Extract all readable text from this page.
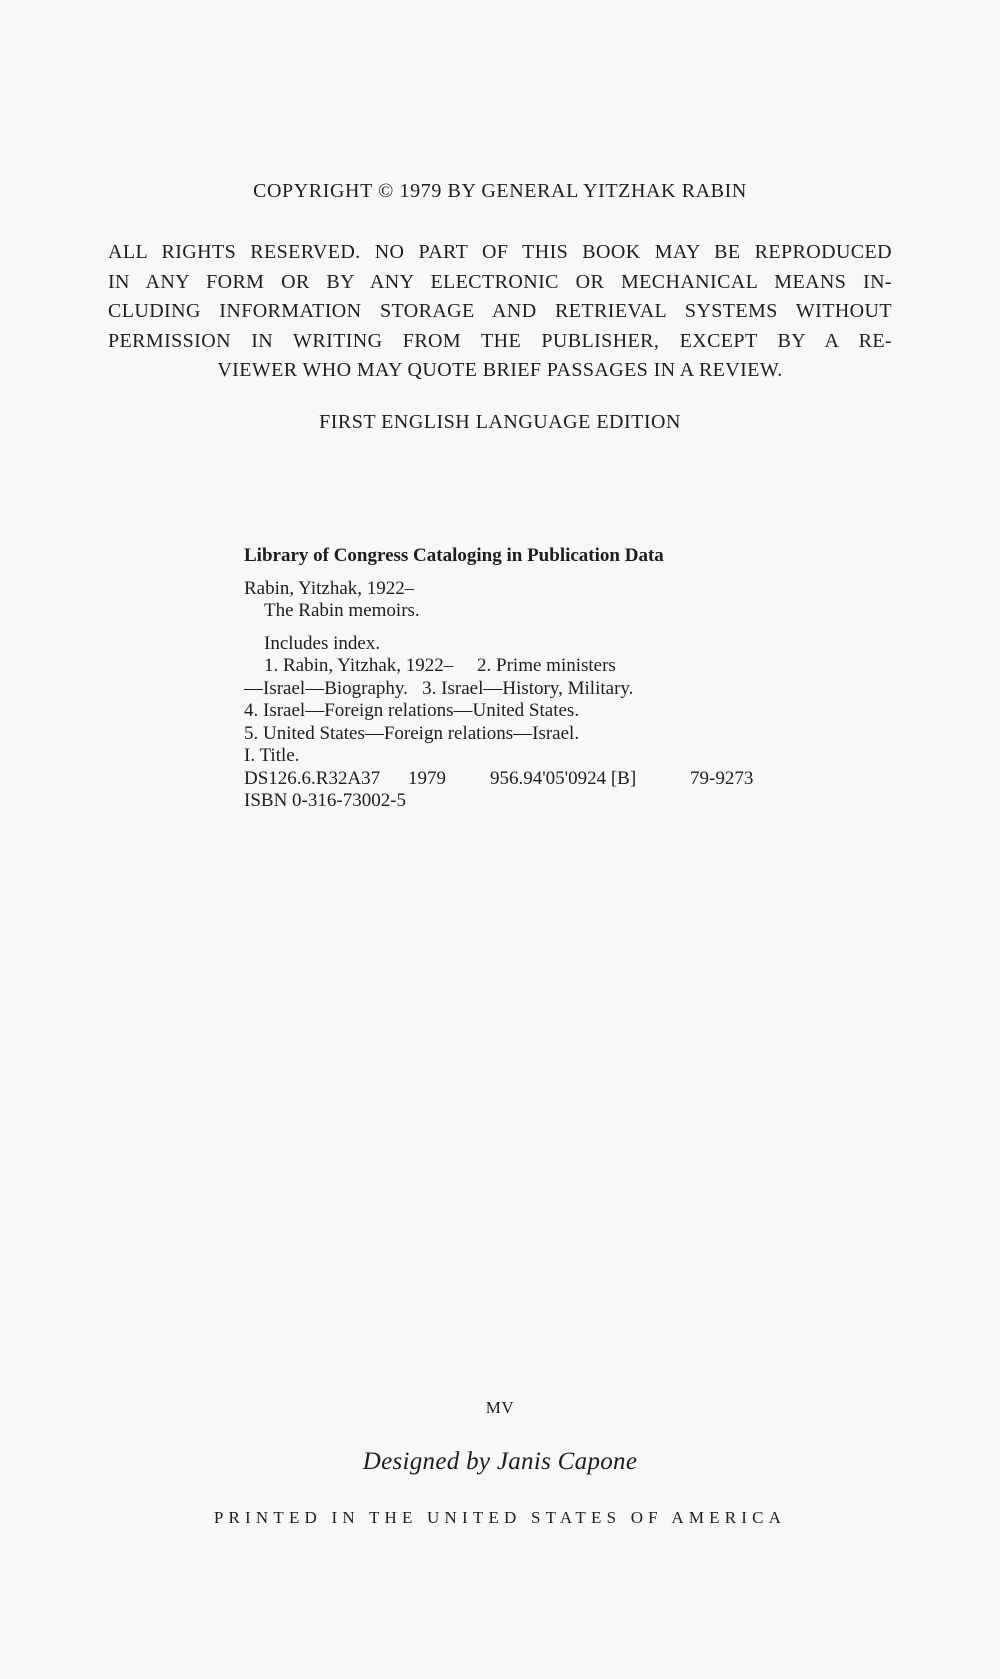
COPYRIGHT © 1979 BY GENERAL YITZHAK RABIN
ALL RIGHTS RESERVED. NO PART OF THIS BOOK MAY BE REPRODUCED
IN ANY FORM OR BY ANY ELECTRONIC OR MECHANICAL MEANS IN-
CLUDING INFORMATION STORAGE AND RETRIEVAL SYSTEMS WITHOUT
PERMISSION IN WRITING FROM THE PUBLISHER, EXCEPT BY A RE-
VIEWER WHO MAY QUOTE BRIEF PASSAGES IN A REVIEW.
FIRST ENGLISH LANGUAGE EDITION
Library of Congress Cataloging in Publication Data
Rabin, Yitzhak, 1922–
The Rabin memoirs.
Includes index.
1. Rabin, Yitzhak, 1922–     2. Prime ministers
—Israel—Biography.   3. Israel—History, Military.
4. Israel—Foreign relations—United States.
5. United States—Foreign relations—Israel.
I. Title.
DS126.6.R32A37 1979 956.94'05'0924 [B]	79-9273
ISBN 0-316-73002-5
MV
Designed by Janis Capone
PRINTED IN THE UNITED STATES OF AMERICA
